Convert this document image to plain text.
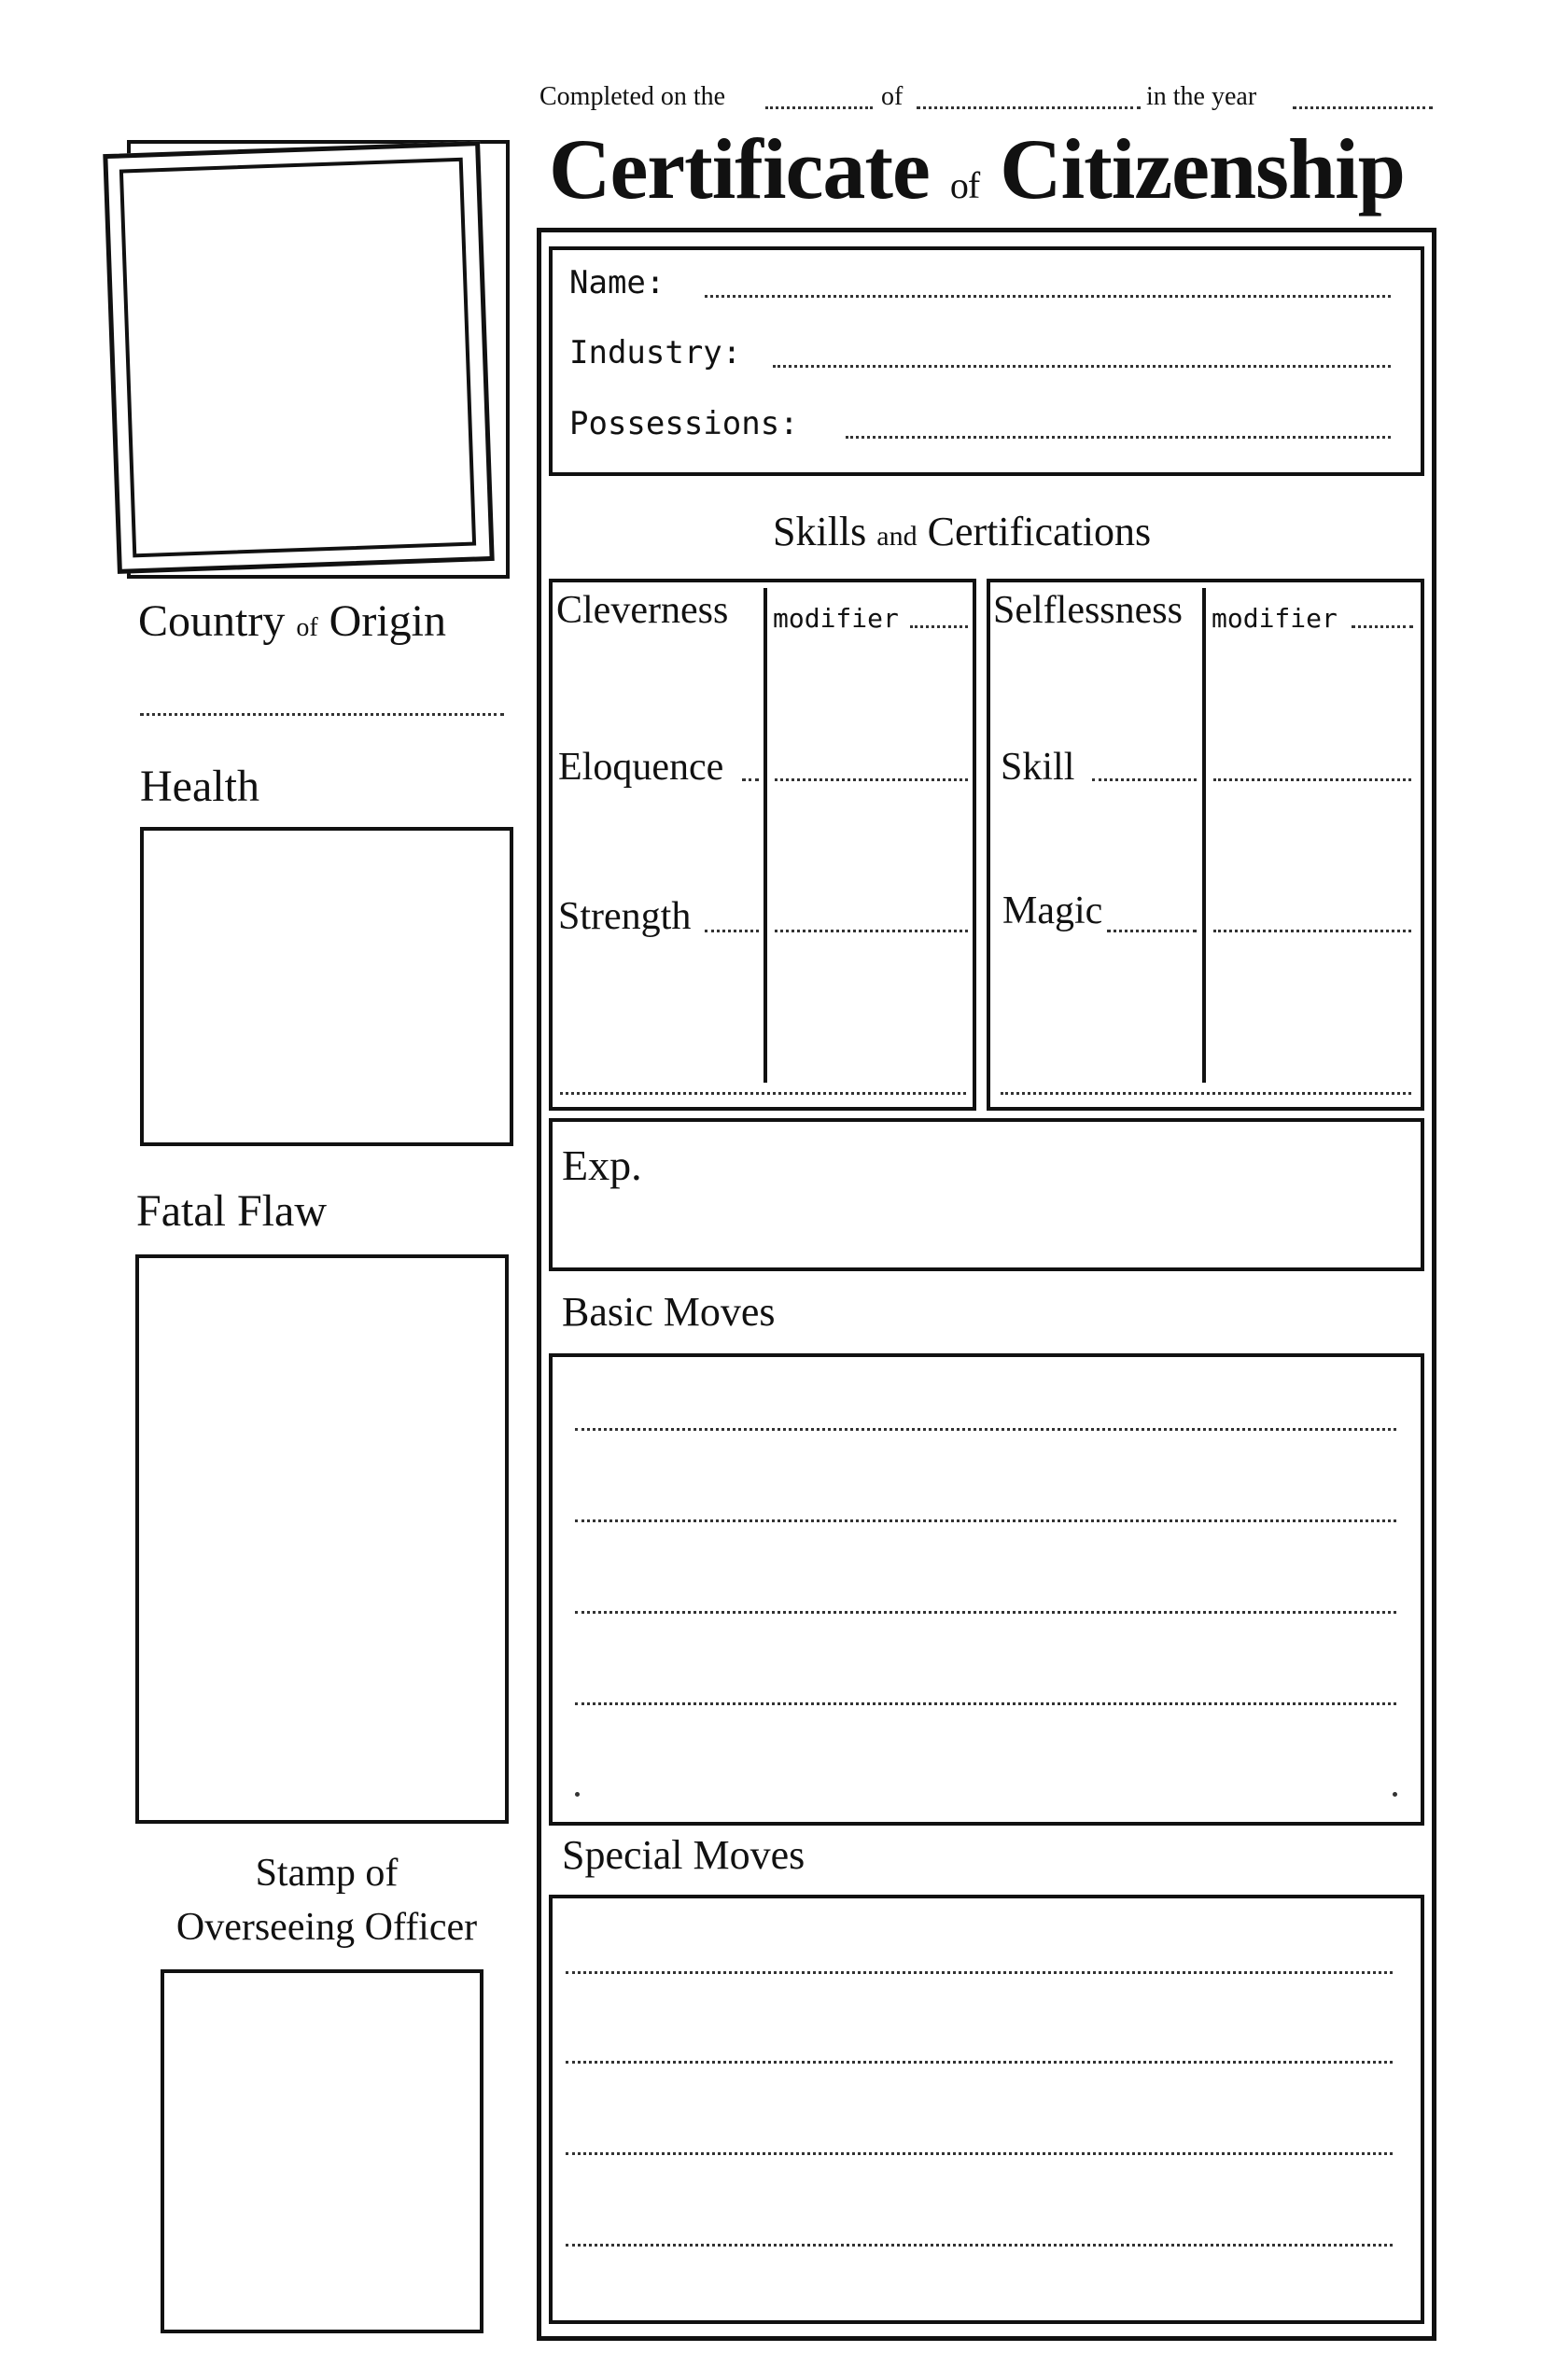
Completed on the	of	in the year
Certificate of Citizenship
Country of Origin
Health
Fatal Flaw
Stamp of
Overseeing Officer
Name:
Industry:
Possessions:
Skills and Certifications
Cleverness modifier
Eloquence
Strength
Selflessness modifier
Skill
Magic
Exp.
Basic Moves
Special Moves
